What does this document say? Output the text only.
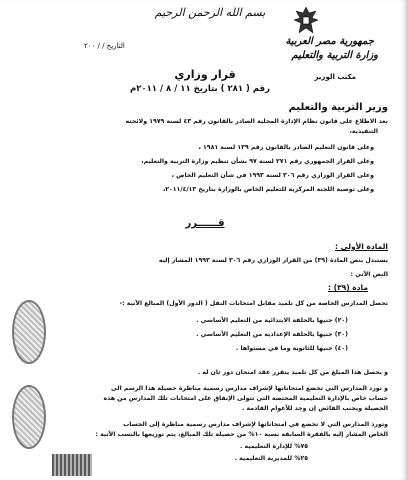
بسم الله الرحمن الرحيم
جمهورية مصر العربية
وزارة التربية والتعليم
مكتب الوزير
التاريخ / / ٢٠٠
قرار وزاري
رقم ( ٢٨١ ) بتاريخ ١١ / ٨ / ٢٠١١م
وزير التربية والتعليم
بعد الاطلاع على قانون نظام الإدارة المحلية الصادر بالقانون رقم ٤٣ لسنة ١٩٧٩ ولائحته
التنفيذية،
وعلى قانون التعليم الصادر بالقانون رقم ١٣٩ لسنة ١٩٨١ ،
وعلى القرار الجمهوري رقم ٢٧١ لسنة ٩٧ بشأن تنظيم وزارة التربية والتعليم،
وعلى القرار الوزاري رقم ٣٠٦ لسنة ١٩٩٣ في شأن التعليم الخاص ،
وعلى توصية اللجنة المركزية للتعليم الخاص بالوزارة بتاريخ ٢٠١١/٤/١٣،
قــــــرر
المادة الأولى :
يستبدل بنص المادة (٣٩) من القرار الوزاري رقم ٣٠٦ لسنة ١٩٩٣ المشار إليه
النص الآتي :
مادة (٣٩) :
تحصل المدارس الخاصة من كل تلميذ مقابل امتحانات النقل ( الدور الأول) المبالغ الآتية :-
(٢٠) جنيها بالحلقة الابتدائية من التعليم الأساسي .
(٣٠) جنيها بالحلقة الإعدادية من التعليم الأساسي .
(٤٠) جنيها للثانوية وما في مستواها .
و يحصل هذا المبلغ من كل تلميذ يتقرر عقد امتحان دور ثان له .
و تورد المدارس التي تخضع امتحاناتها لإشراف مدارس رسمية مناظرة حصيلة هذا الرسم الى
حساب خاص بالإدارة التعليمية المختصة التي تتولى الإنفاق على امتحانات تلك المدارس من هذه
الحصيلة ويجنب الفائض إن وجد للأعوام القادمة .
وتورد المدارس التي لا تخضع في امتحاناتها لإشراف مدارس رسمية مناظرة إلى الحساب
الخاص المشار إليه بالفقرة السابقة نسبة ١٠% من حصيلة تلك المبالغ، يتم توزيعها بالنسب الآتية :
٧٥% للإدارة التعليمية .
٢٥% للمديرية التعليمية .
